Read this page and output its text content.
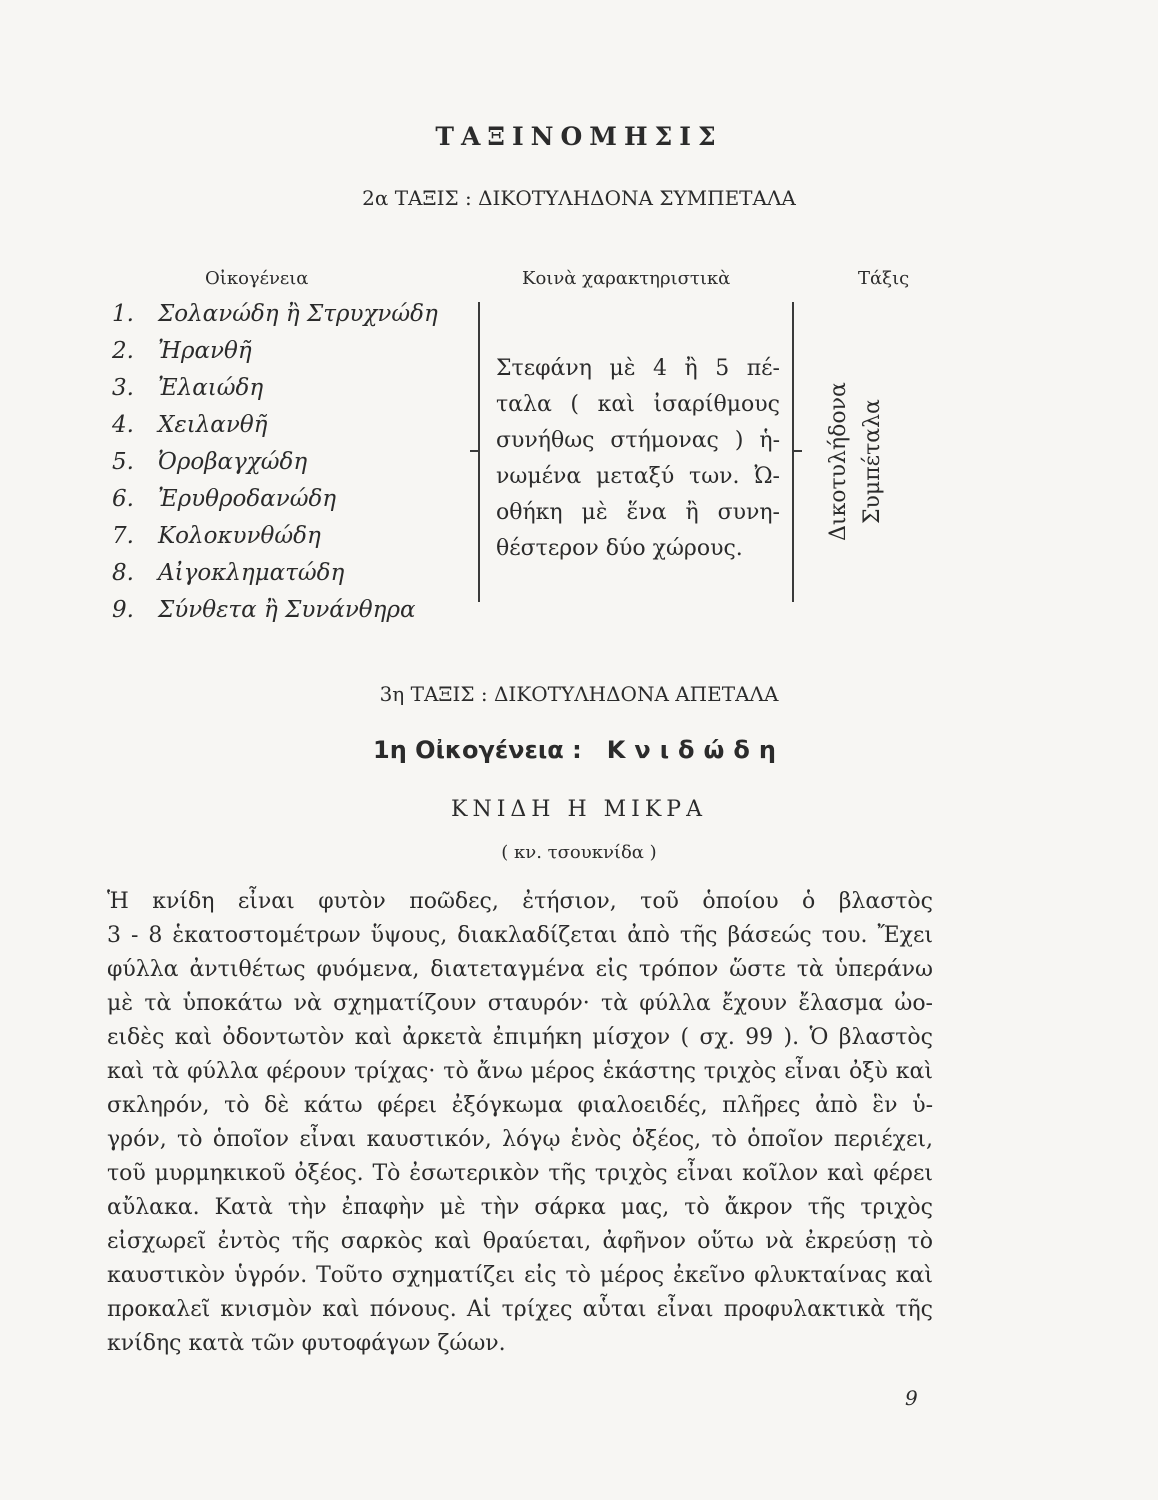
ΤΑΞΙΝΟΜΗΣΙΣ
2α ΤΑΞΙΣ : ΔΙΚΟΤΥΛΗΔΟΝΑ ΣΥΜΠΕΤΑΛΑ
Οἰκογένεια	Κοινὰ χαρακτηριστικὰ	Τάξις
1. Σολανώδη ἢ Στρυχνώδη
2. Ἠρανθῆ
3. Ἐλαιώδη
4. Χειλανθῆ
5. Ὀροβαγχώδη
6. Ἐρυθροδανώδη
7. Κολοκυνθώδη
8. Αἰγοκληματώδη
9. Σύνθετα ἢ Συνάνθηρα
Στεφάνη μὲ 4 ἢ 5 πέ-
ταλα ( καὶ ἰσαρίθμους
συνήθως στήμονας ) ἡ-
νωμένα μεταξύ των. Ὠ-
οθήκη μὲ ἕνα ἢ συνη-
θέστερον δύο χώρους.
Δικοτυλήδονα Συμπέταλα
3η ΤΑΞΙΣ : ΔΙΚΟΤΥΛΗΔΟΝΑ ΑΠΕΤΑΛΑ
1η Οἰκογένεια : Κνιδώδη
ΚΝΙΔΗ Η ΜΙΚΡΑ
( κν. τσουκνίδα )
Ἡ κνίδη εἶναι φυτὸν ποῶδες, ἐτήσιον, τοῦ ὁποίου ὁ βλαστὸς
3 - 8 ἑκατοστομέτρων ὕψους, διακλαδίζεται ἀπὸ τῆς βάσεώς του. Ἔχει
φύλλα ἀντιθέτως φυόμενα, διατεταγμένα εἰς τρόπον ὥστε τὰ ὑπεράνω
μὲ τὰ ὑποκάτω νὰ σχηματίζουν σταυρόν· τὰ φύλλα ἔχουν ἔλασμα ὠο-
ειδὲς καὶ ὀδοντωτὸν καὶ ἀρκετὰ ἐπιμήκη μίσχον ( σχ. 99 ). Ὁ βλαστὸς
καὶ τὰ φύλλα φέρουν τρίχας· τὸ ἄνω μέρος ἑκάστης τριχὸς εἶναι ὀξὺ καὶ
σκληρόν, τὸ δὲ κάτω φέρει ἐξόγκωμα φιαλοειδές, πλῆρες ἀπὸ ἓν ὑ-
γρόν, τὸ ὁποῖον εἶναι καυστικόν, λόγῳ ἑνὸς ὀξέος, τὸ ὁποῖον περιέχει,
τοῦ μυρμηκικοῦ ὀξέος. Τὸ ἐσωτερικὸν τῆς τριχὸς εἶναι κοῖλον καὶ φέρει
αὔλακα. Κατὰ τὴν ἐπαφὴν μὲ τὴν σάρκα μας, τὸ ἄκρον τῆς τριχὸς
εἰσχωρεῖ ἐντὸς τῆς σαρκὸς καὶ θραύεται, ἀφῆνον οὕτω νὰ ἐκρεύσῃ τὸ
καυστικὸν ὑγρόν. Τοῦτο σχηματίζει εἰς τὸ μέρος ἐκεῖνο φλυκταίνας καὶ
προκαλεῖ κνισμὸν καὶ πόνους. Αἱ τρίχες αὗται εἶναι προφυλακτικὰ τῆς
κνίδης κατὰ τῶν φυτοφάγων ζώων.
9
